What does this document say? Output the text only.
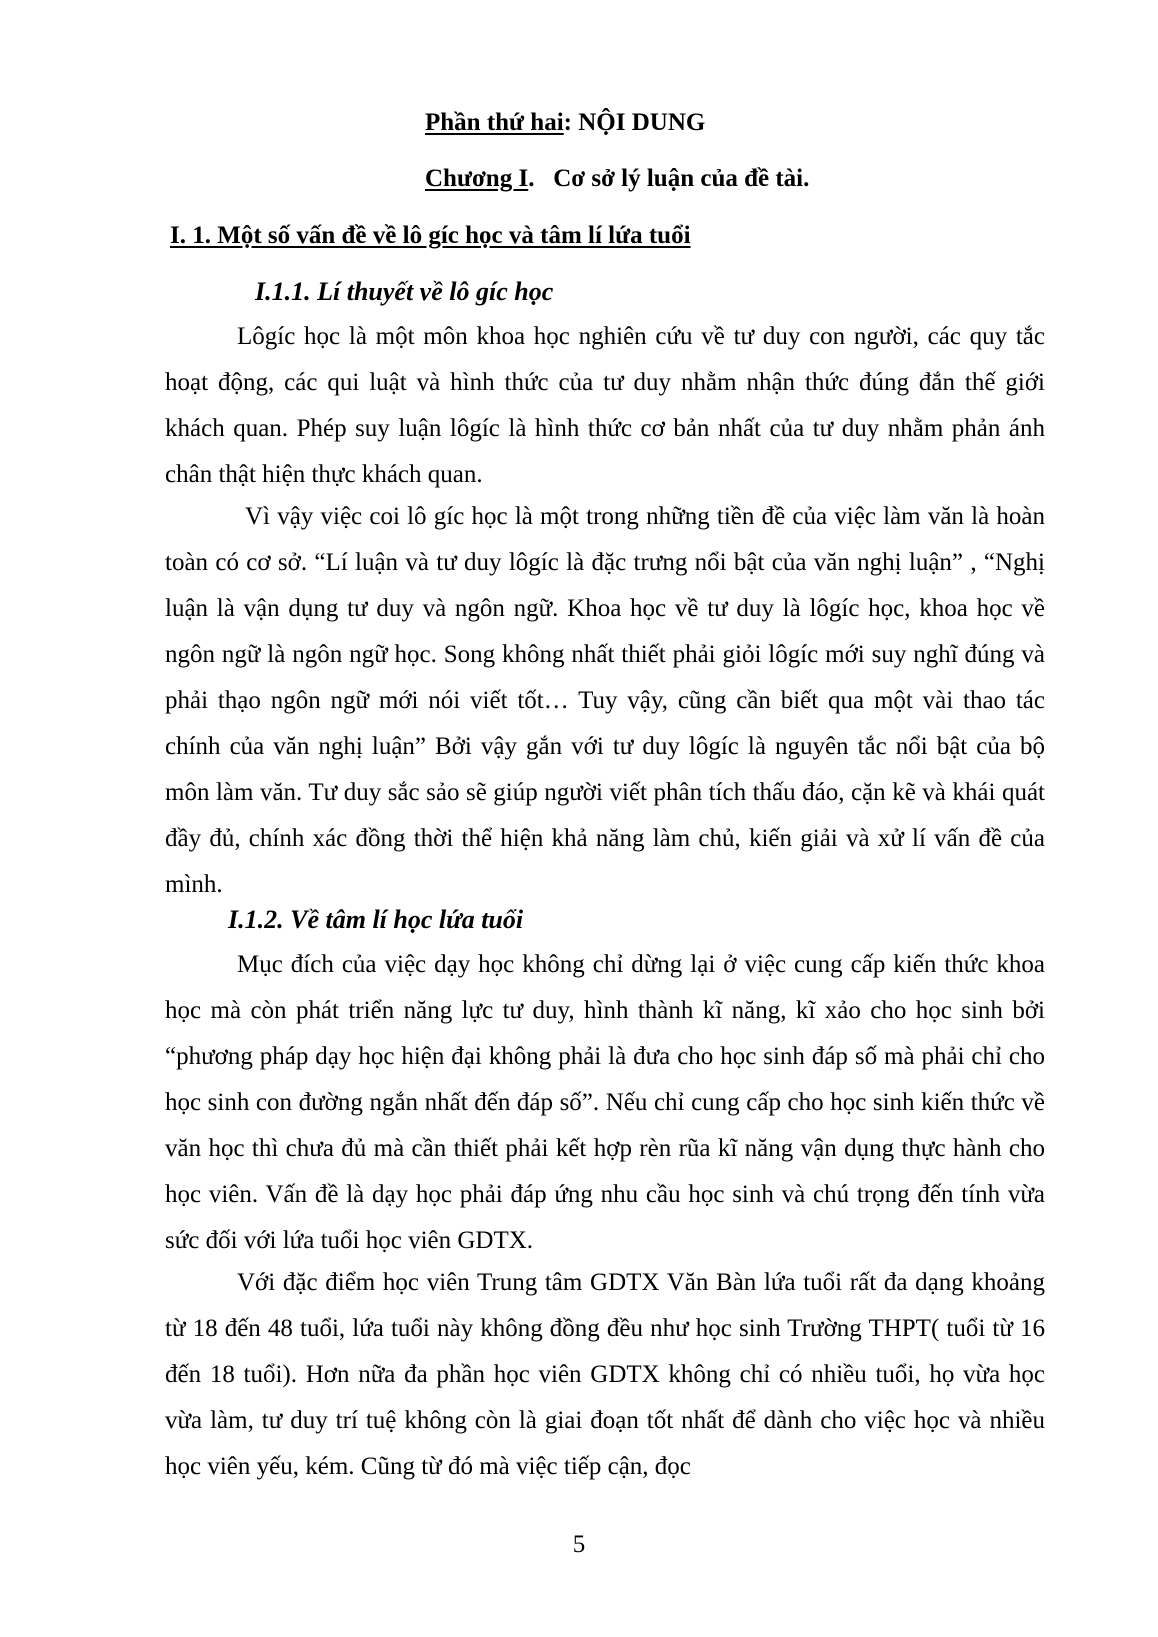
Phần thứ hai: NỘI DUNG
Chương I.   Cơ sở lý luận của đề tài.
I. 1. Một số vấn đề về lô gíc học và tâm lí lứa tuổi
I.1.1. Lí thuyết về lô gíc học

Lôgíc học là một môn khoa học nghiên cứu về tư duy con người, các quy tắc hoạt động, các qui luật và hình thức của tư duy nhằm nhận thức đúng đắn thế giới khách quan. Phép suy luận lôgíc là hình thức cơ bản nhất của tư duy nhằm phản ánh chân thật hiện thực khách quan.

Vì vậy việc coi lô gíc học là một trong những tiền đề của việc làm văn là hoàn toàn có cơ sở. “Lí luận và tư duy lôgíc là đặc trưng nổi bật của văn nghị luận” , “Nghị luận là vận dụng tư duy và ngôn ngữ. Khoa học về tư duy là lôgíc học, khoa học về ngôn ngữ là ngôn ngữ học. Song không nhất thiết phải giỏi lôgíc mới suy nghĩ đúng và phải thạo ngôn ngữ mới nói viết tốt… Tuy vậy, cũng cần biết qua một vài thao tác chính của văn nghị luận” Bởi vậy gắn với tư duy lôgíc là nguyên tắc nổi bật của bộ môn làm văn. Tư duy sắc sảo sẽ giúp người viết phân tích thấu đáo, cặn kẽ và khái quát đầy đủ, chính xác đồng thời thể hiện khả năng làm chủ, kiến giải và xử lí vấn đề của mình.

I.1.2. Về tâm lí học lứa tuổi

Mục đích của việc dạy học không chỉ dừng lại ở việc cung cấp kiến thức khoa học mà còn phát triển năng lực tư duy, hình thành kĩ năng, kĩ xảo cho học sinh bởi “phương pháp dạy học hiện đại không phải là đưa cho học sinh đáp số mà phải chỉ cho học sinh con đường ngắn nhất đến đáp số”. Nếu chỉ cung cấp cho học sinh kiến thức về văn học thì chưa đủ mà cần thiết phải kết hợp rèn rũa kĩ năng vận dụng thực hành cho học viên. Vấn đề là dạy học phải đáp ứng nhu cầu học sinh và chú trọng đến tính vừa sức đối với lứa tuổi học viên GDTX.

Với đặc điểm học viên Trung tâm GDTX Văn Bàn lứa tuổi rất đa dạng khoảng từ 18 đến 48 tuổi, lứa tuổi này không đồng đều như học sinh Trường THPT( tuổi từ 16 đến 18 tuổi). Hơn nữa đa phần học viên GDTX không chỉ có nhiều tuổi, họ vừa học vừa làm, tư duy trí tuệ không còn là giai đoạn tốt nhất để dành cho việc học và nhiều học viên yếu, kém. Cũng từ đó mà việc tiếp cận, đọc

5
